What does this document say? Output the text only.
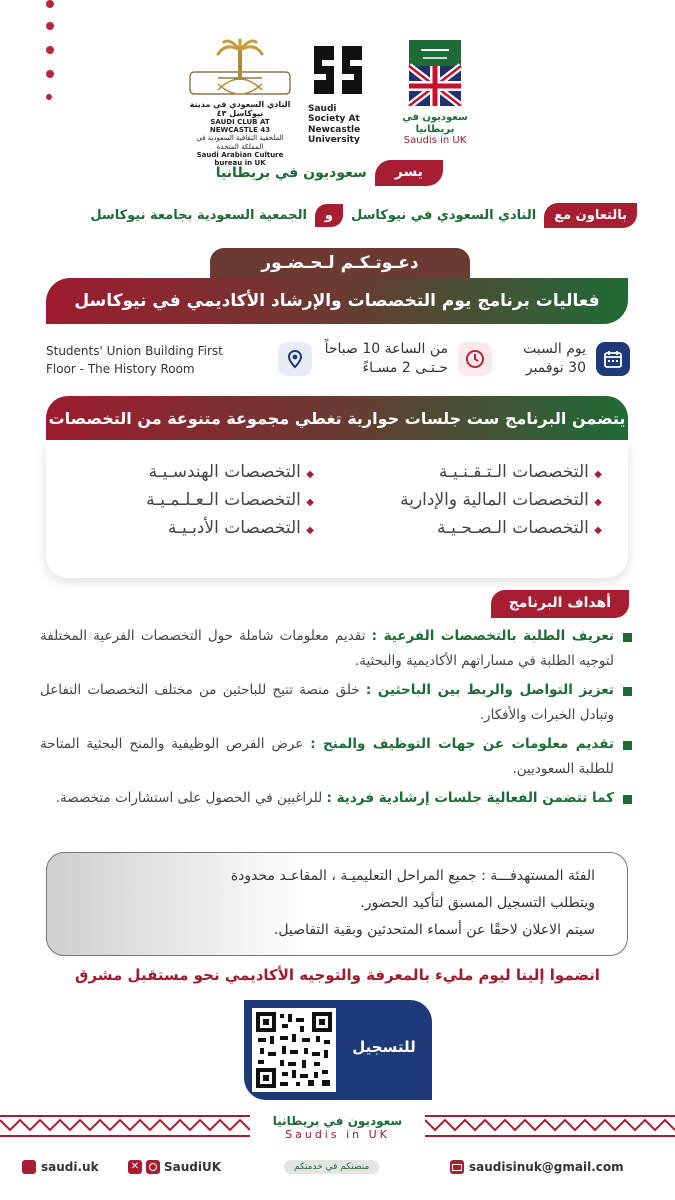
النادي السعودي في مدينة نيوكاسل ٤٣
SAUDI CLUB AT NEWCASTLE 43
الملحقية الثقافية السعودية في المملكة المتحدة
Saudi Arabian Culture bureau in UK
Saudi Society At Newcastle University
سعوديون في بريطانيا
Saudis in UK
يسر
سعوديون في بريطانيا
بالتعاون مع
النادي السعودي في نيوكاسل
و
الجمعية السعودية بجامعة نيوكاسل
دعـوتـكـم لـحـضـور
فعاليات برنامج يوم التخصصات والإرشاد الأكاديمي في نيوكاسل
يوم السبت
30 نوفمبر
من الساعة 10 صباحاً
حـتـى 2 مسـاءً
Students' Union Building First
Floor - The History Room
يتضمن البرنامج ست جلسات حوارية تغطي مجموعة متنوعة من التخصصات
◆ التخصصات الـتـقـنـيـة
◆ التخصصات الهندسـيـة
◆ التخصصات المالية والإدارية
◆ التخصصات الـعـلـمـيـة
◆ التخصصات الـصـحـيـة
◆ التخصصات الأدبـيـة
أهداف البرنامج
تعريف الطلبة بالتخصصات الفرعية : تقديم معلومات شاملة حول التخصصات الفرعية المختلفة لتوجيه الطلبة في مساراتهم الأكاديمية والبحثية.
تعزيز التواصل والربط بين الباحثين : خلق منصة تتيح للباحثين من مختلف التخصصات التفاعل وتبادل الخبرات والأفكار.
تقديم معلومات عن جهات التوظيف والمنح : عرض الفرص الوظيفية والمنح البحثية المتاحة للطلبة السعوديين.
كما تتضمن الفعالية جلسات إرشادية فردية : للراغبين في الحصول على استشارات متخصصة.
الفئة المستهدفـــة : جميع المراحل التعليميـة ، المقاعـد محدودة
ويتطلب التسجيل المسبق لتأكيد الحضور.
سيتم الاعلان لاحقًا عن أسماء المتحدثين وبقية التفاصيل.
انضموا إلينا ليوم مليء بالمعرفة والتوجيه الأكاديمي نحو مستقبل مشرق
للتسجيل
سعوديون في بريطانيا
Saudis in UK
saudi.uk	✕ SaudiUK	منصتكم في خدمتكم	saudisinuk@gmail.com
